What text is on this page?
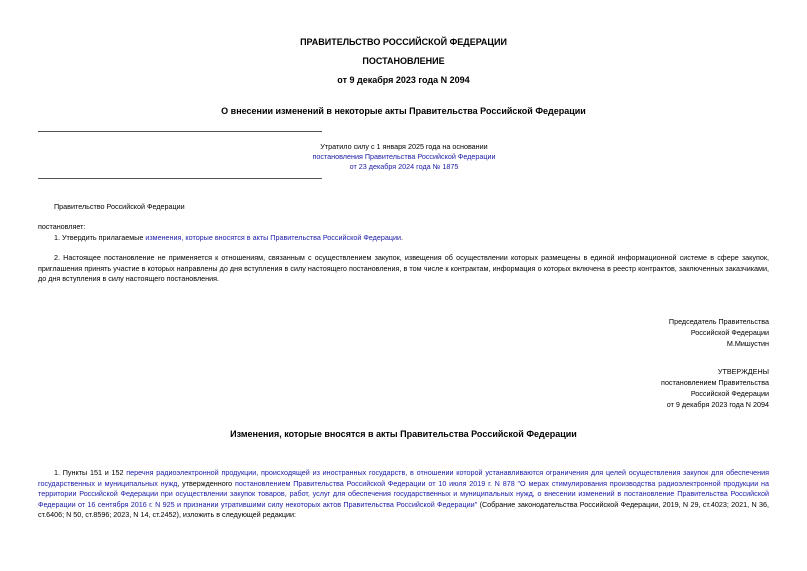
ПРАВИТЕЛЬСТВО РОССИЙСКОЙ ФЕДЕРАЦИИ
ПОСТАНОВЛЕНИЕ
от 9 декабря 2023 года N 2094
О внесении изменений в некоторые акты Правительства Российской Федерации
Утратило силу с 1 января 2025 года на основании
постановления Правительства Российской Федерации
от 23 декабря 2024 года № 1875
Правительство Российской Федерации
постановляет:
1. Утвердить прилагаемые изменения, которые вносятся в акты Правительства Российской Федерации.
2. Настоящее постановление не применяется к отношениям, связанным с осуществлением закупок, извещения об осуществлении которых размещены в единой информационной системе в сфере закупок, приглашения принять участие в которых направлены до дня вступления в силу настоящего постановления, в том числе к контрактам, информация о которых включена в реестр контрактов, заключенных заказчиками, до дня вступления в силу настоящего постановления.
Председатель Правительства
Российской Федерации
М.Мишустин
УТВЕРЖДЕНЫ
постановлением Правительства
Российской Федерации
от 9 декабря 2023 года N 2094
Изменения, которые вносятся в акты Правительства Российской Федерации
1. Пункты 151 и 152 перечня радиоэлектронной продукции, происходящей из иностранных государств, в отношении которой устанавливаются ограничения для целей осуществления закупок для обеспечения государственных и муниципальных нужд, утвержденного постановлением Правительства Российской Федерации от 10 июля 2019 г. N 878 "О мерах стимулирования производства радиоэлектронной продукции на территории Российской Федерации при осуществлении закупок товаров, работ, услуг для обеспечения государственных и муниципальных нужд, о внесении изменений в постановление Правительства Российской Федерации от 16 сентября 2016 г. N 925 и признании утратившими силу некоторых актов Правительства Российской Федерации" (Собрание законодательства Российской Федерации, 2019, N 29, ст.4023; 2021, N 36, ст.6406; N 50, ст.8596; 2023, N 14, ст.2452), изложить в следующей редакции:
